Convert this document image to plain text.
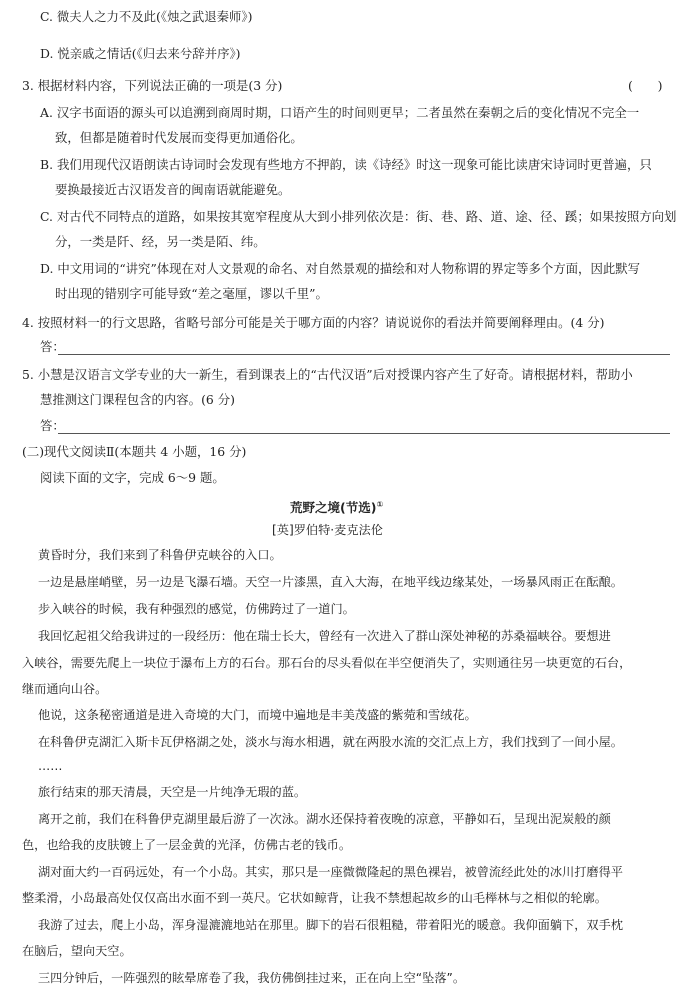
C. 微夫人之力不及此(《烛之武退秦师》)
D. 悦亲戚之情话(《归去来兮辞并序》)
3. 根据材料内容，下列说法正确的一项是(3 分)	(　　)
A. 汉字书面语的源头可以追溯到商周时期，口语产生的时间则更早；二者虽然在秦朝之后的变化情况不完全一
致，但都是随着时代发展而变得更加通俗化。
B. 我们用现代汉语朗读古诗词时会发现有些地方不押韵，读《诗经》时这一现象可能比读唐宋诗词时更普遍，只
要换最接近古汉语发音的闽南语就能避免。
C. 对古代不同特点的道路，如果按其宽窄程度从大到小排列依次是：街、巷、路、道、途、径、蹊；如果按照方向划
分，一类是阡、经，另一类是陌、纬。
D. 中文用词的“讲究”体现在对人文景观的命名、对自然景观的描绘和对人物称谓的界定等多个方面，因此默写
时出现的错别字可能导致“差之毫厘，谬以千里”。
4. 按照材料一的行文思路，省略号部分可能是关于哪方面的内容？请说说你的看法并简要阐释理由。(4 分)
答：
5. 小慧是汉语言文学专业的大一新生，看到课表上的“古代汉语”后对授课内容产生了好奇。请根据材料，帮助小
慧推测这门课程包含的内容。(6 分)
答：
(二)现代文阅读Ⅱ(本题共 4 小题，16 分)
阅读下面的文字，完成 6～9 题。
荒野之境(节选)①
[英]罗伯特·麦克法伦
黄昏时分，我们来到了科鲁伊克峡谷的入口。
一边是悬崖峭壁，另一边是飞瀑石墙。天空一片漆黑，直入大海，在地平线边缘某处，一场暴风雨正在酝酿。
步入峡谷的时候，我有种强烈的感觉，仿佛跨过了一道门。
我回忆起祖父给我讲过的一段经历：他在瑞士长大，曾经有一次进入了群山深处神秘的苏桑福峡谷。要想进
入峡谷，需要先爬上一块位于瀑布上方的石台。那石台的尽头看似在半空便消失了，实则通往另一块更宽的石台，
继而通向山谷。
他说，这条秘密通道是进入奇境的大门，而境中遍地是丰美茂盛的紫菀和雪绒花。
在科鲁伊克湖汇入斯卡瓦伊格湖之处，淡水与海水相遇，就在两股水流的交汇点上方，我们找到了一间小屋。
……
旅行结束的那天清晨，天空是一片纯净无瑕的蓝。
离开之前，我们在科鲁伊克湖里最后游了一次泳。湖水还保持着夜晚的凉意，平静如石，呈现出泥炭般的颜
色，也给我的皮肤镀上了一层金黄的光泽，仿佛古老的钱币。
湖对面大约一百码远处，有一个小岛。其实，那只是一座微微隆起的黑色裸岩，被曾流经此处的冰川打磨得平
整柔滑，小岛最高处仅仅高出水面不到一英尺。它状如鲸背，让我不禁想起故乡的山毛榉林与之相似的轮廓。
我游了过去，爬上小岛，浑身湿漉漉地站在那里。脚下的岩石很粗糙，带着阳光的暖意。我仰面躺下，双手枕
在脑后，望向天空。
三四分钟后，一阵强烈的眩晕席卷了我，我仿佛倒挂过来，正在向上空“坠落”。
